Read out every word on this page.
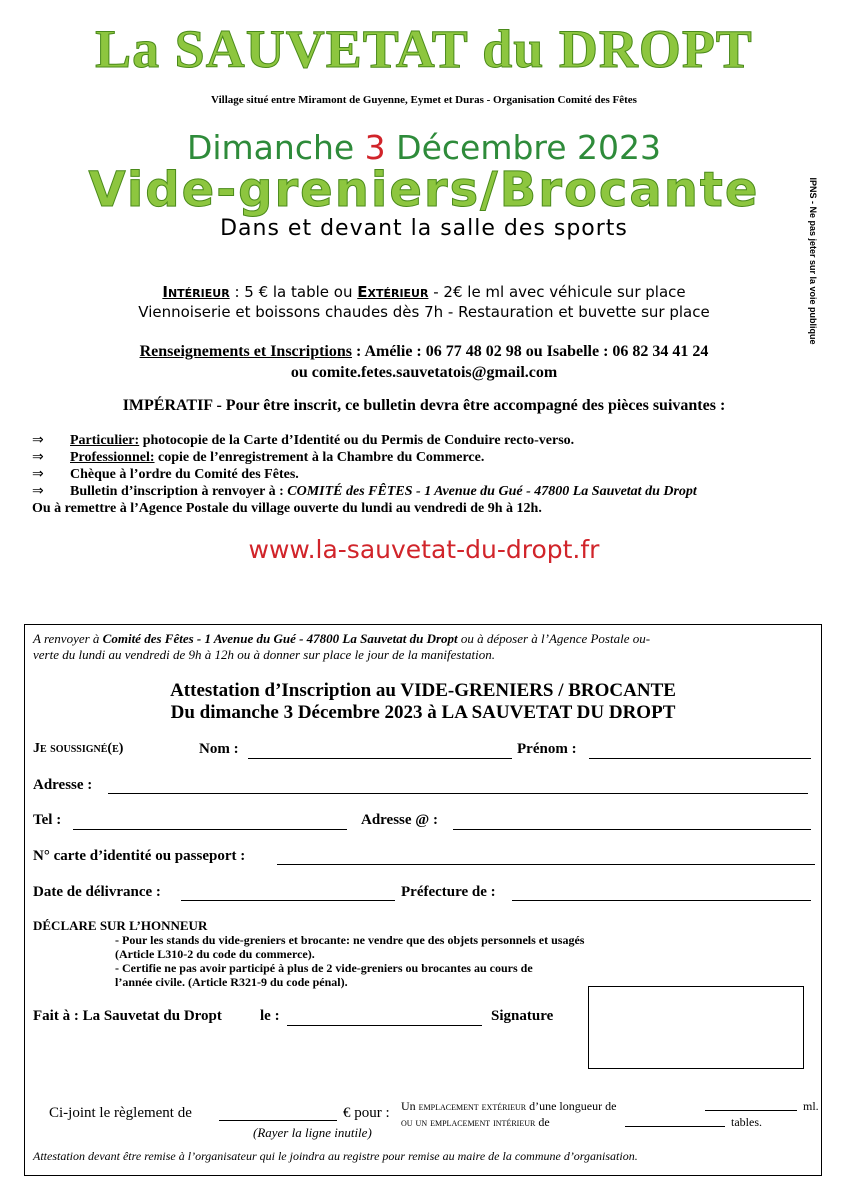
La SAUVETAT du DROPT
Village situé entre Miramont de Guyenne, Eymet et Duras - Organisation Comité des Fêtes
Dimanche 3 Décembre 2023
Vide-greniers/Brocante
Dans et devant la salle des sports	IPNS - Ne pas jeter sur la voie publique
Intérieur : 5 € la table ou Extérieur - 2€ le ml avec véhicule sur place
Viennoiserie et boissons chaudes dès 7h - Restauration et buvette sur place
Renseignements et Inscriptions : Amélie : 06 77 48 02 98 ou Isabelle : 06 82 34 41 24
ou comite.fetes.sauvetatois@gmail.com
IMPÉRATIF - Pour être inscrit, ce bulletin devra être accompagné des pièces suivantes :
⇒	Particulier: photocopie de la Carte d’Identité ou du Permis de Conduire recto-verso.
⇒	Professionnel: copie de l’enregistrement à la Chambre du Commerce.
⇒	Chèque à l’ordre du Comité des Fêtes.
⇒	Bulletin d’inscription à renvoyer à : COMITÉ des FÊTES - 1 Avenue du Gué - 47800 La Sauvetat du Dropt
Ou à remettre à l’Agence Postale du village ouverte du lundi au vendredi de 9h à 12h.
www.la-sauvetat-du-dropt.fr
A renvoyer à Comité des Fêtes - 1 Avenue du Gué - 47800 La Sauvetat du Dropt ou à déposer à l’Agence Postale ou-
verte du lundi au vendredi de 9h à 12h ou à donner sur place le jour de la manifestation.
Attestation d’Inscription au VIDE-GRENIERS / BROCANTE
Du dimanche 3 Décembre 2023 à LA SAUVETAT DU DROPT
Je soussigné(e)	Nom :	Prénom :
Adresse :
Tel :	Adresse @ :
N° carte d’identité ou passeport :
Date de délivrance :	Préfecture de :
DÉCLARE SUR L’HONNEUR
- Pour les stands du vide-greniers et brocante: ne vendre que des objets personnels et usagés
(Article L310-2 du code du commerce).
- Certifie ne pas avoir participé à plus de 2 vide-greniers ou brocantes au cours de
l’année civile. (Article R321-9 du code pénal).
Fait à : La Sauvetat du Dropt	le :	Signature
Ci-joint le règlement de	€ pour :
(Rayer la ligne inutile)
Un emplacement extérieur d’une longueur de	ml.
ou un emplacement intérieur de	tables.
Attestation devant être remise à l’organisateur qui le joindra au registre pour remise au maire de la commune d’organisation.
